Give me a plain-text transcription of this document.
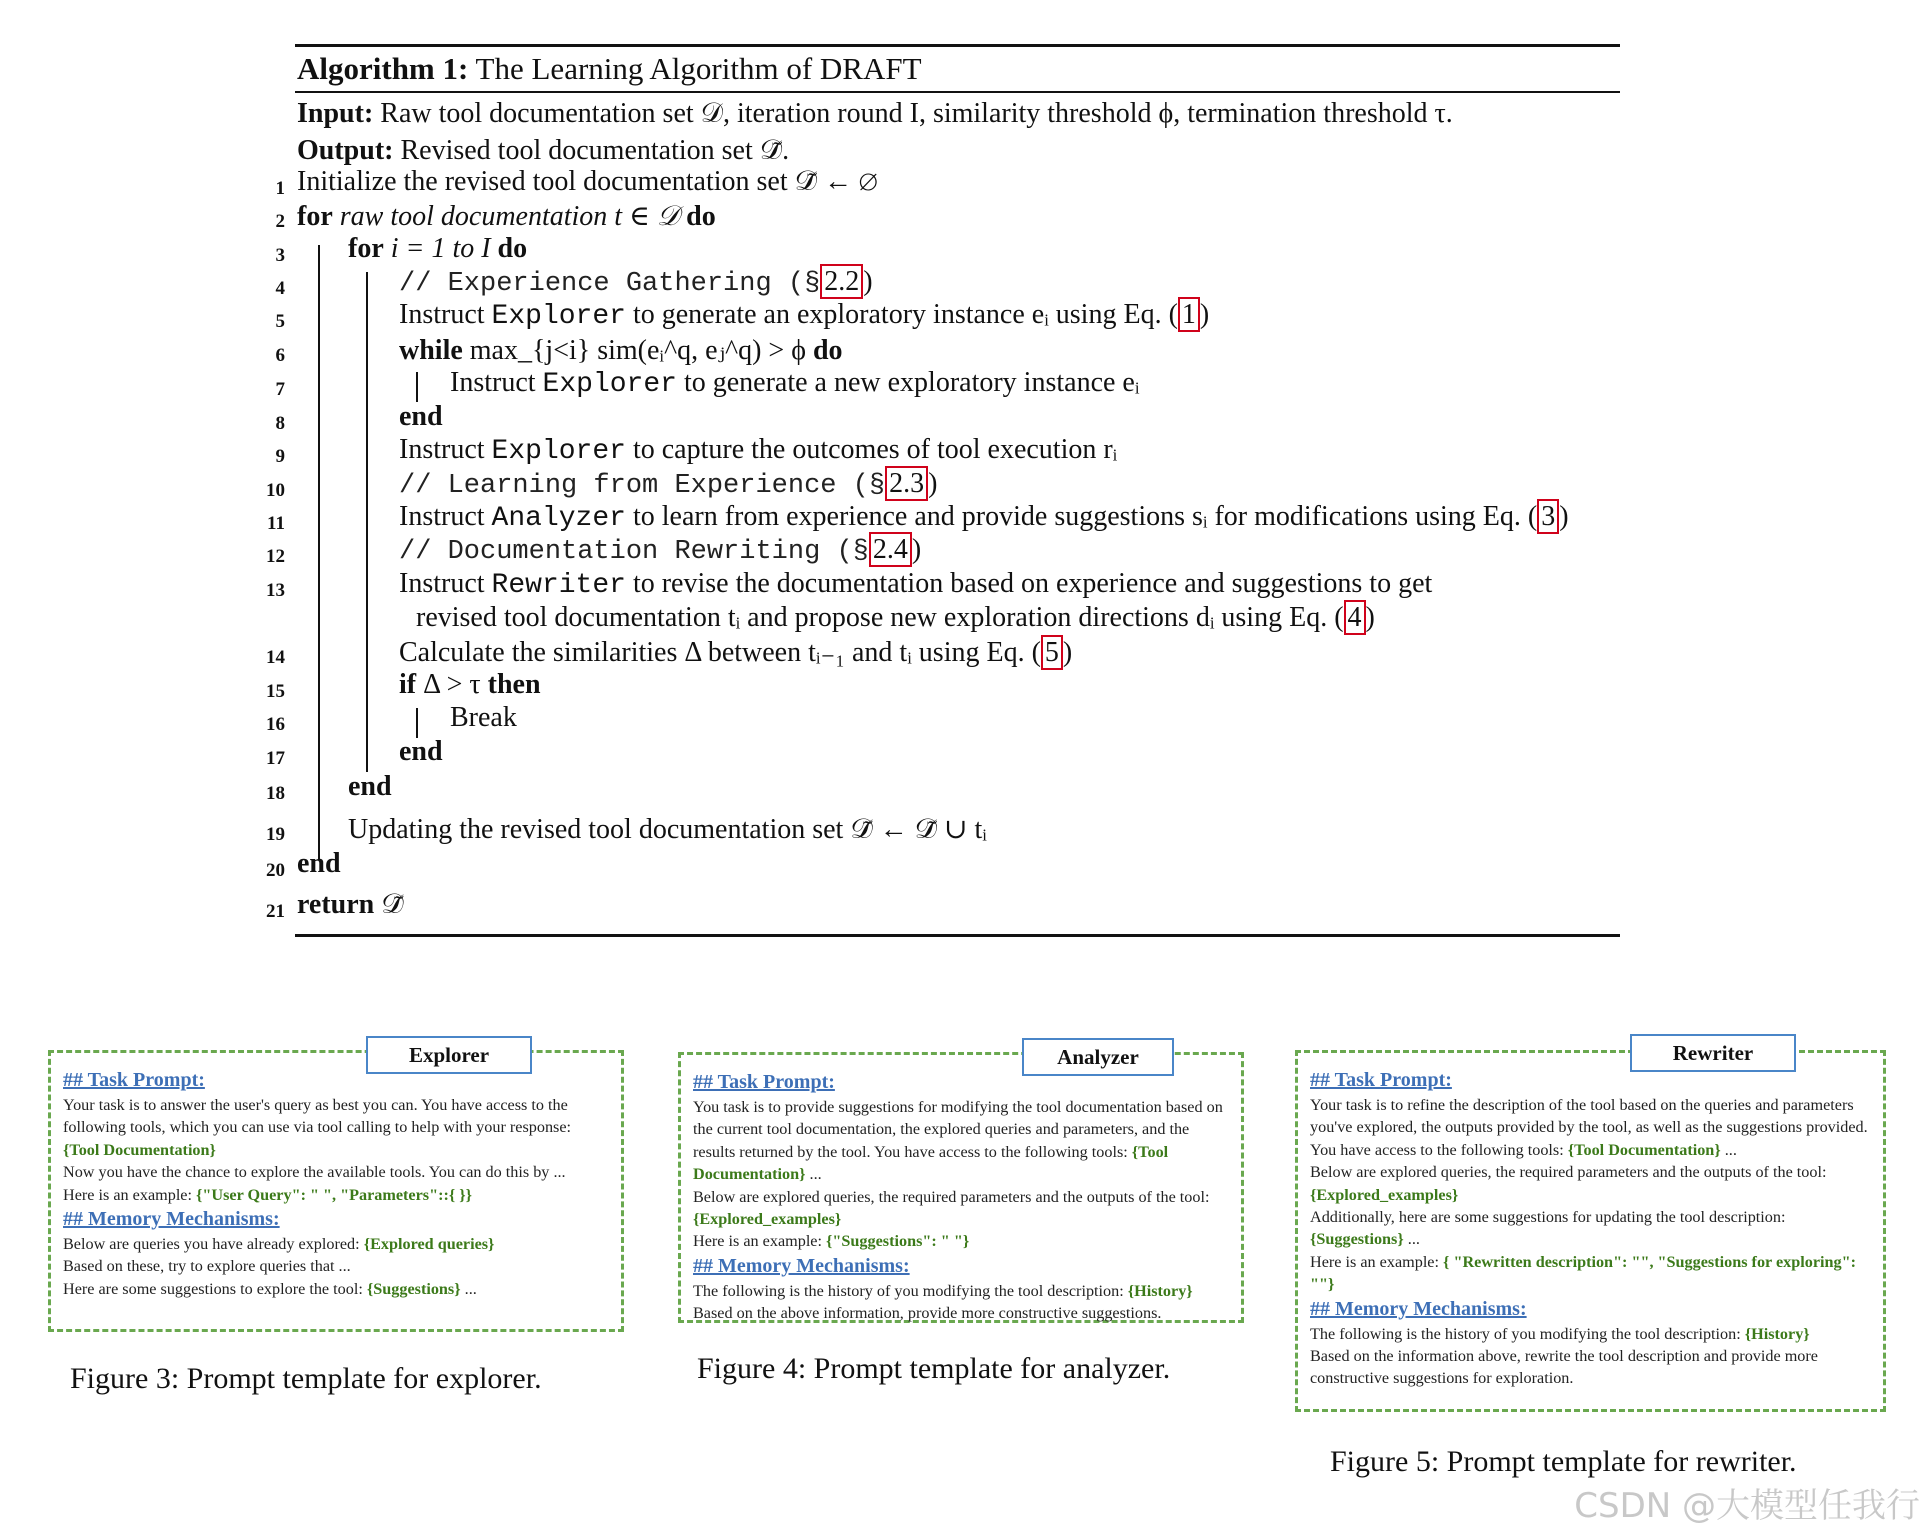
Algorithm 1: The Learning Algorithm of DRAFT
Input: Raw tool documentation set 𝒟, iteration round I, similarity threshold ϕ, termination threshold τ.
Output: Revised tool documentation set 𝒟̃.
1
2
3
4
5
6
7
8
9
10
11
12
13
14
15
16
17
18
19
20
21
Initialize the revised tool documentation set 𝒟̃ ← ∅
for raw tool documentation t ∈ 𝒟 do
for i = 1 to I do
// Experience Gathering (§ 2.2 )
Instruct Explorer to generate an exploratory instance eᵢ using Eq. ( 1 )
while max_{j<i} sim(eᵢ^q, eⱼ^q) > ϕ do
Instruct Explorer to generate a new exploratory instance eᵢ
end
Instruct Explorer to capture the outcomes of tool execution rᵢ
// Learning from Experience (§ 2.3 )
Instruct Analyzer to learn from experience and provide suggestions sᵢ for modifications using Eq. ( 3 )
// Documentation Rewriting (§ 2.4 )
Instruct Rewriter to revise the documentation based on experience and suggestions to get
revised tool documentation tᵢ and propose new exploration directions dᵢ using Eq. ( 4 )
Calculate the similarities Δ between tᵢ₋₁ and tᵢ using Eq. ( 5 )
if Δ > τ then
Break
end
end
Updating the revised tool documentation set 𝒟̃ ← 𝒟̃ ∪ tᵢ
end
return 𝒟̃
## Task Prompt:
Your task is to answer the user's query as best you can. You have access to the following tools, which you can use via tool calling to help with your response: {Tool Documentation}
Now you have the chance to explore the available tools. You can do this by ...
Here is an example: {"User Query": " ", "Parameters"::{ }}
## Memory Mechanisms:
Below are queries you have already explored: {Explored queries}
Based on these, try to explore queries that ...
Here are some suggestions to explore the tool: {Suggestions} ...
Explorer
Figure 3: Prompt template for explorer.
## Task Prompt:
You task is to provide suggestions for modifying the tool documentation based on the current tool documentation, the explored queries and parameters, and the results returned by the tool. You have access to the following tools: {Tool Documentation} ...
Below are explored queries, the required parameters and the outputs of the tool: {Explored_examples}
Here is an example: {"Suggestions": " "}
## Memory Mechanisms:
The following is the history of you modifying the tool description: {History}
Based on the above information, provide more constructive suggestions.
Analyzer
Figure 4: Prompt template for analyzer.
## Task Prompt:
Your task is to refine the description of the tool based on the queries and parameters you've explored, the outputs provided by the tool, as well as the suggestions provided. You have access to the following tools: {Tool Documentation} ...
Below are explored queries, the required parameters and the outputs of the tool: {Explored_examples}
Additionally, here are some suggestions for updating the tool description: {Suggestions} ...
Here is an example: { "Rewritten description": "", "Suggestions for exploring": ""}
## Memory Mechanisms:
The following is the history of you modifying the tool description: {History}
Based on the information above, rewrite the tool description and provide more constructive suggestions for exploration.
Rewriter
Figure 5: Prompt template for rewriter.
CSDN @大模型任我行
